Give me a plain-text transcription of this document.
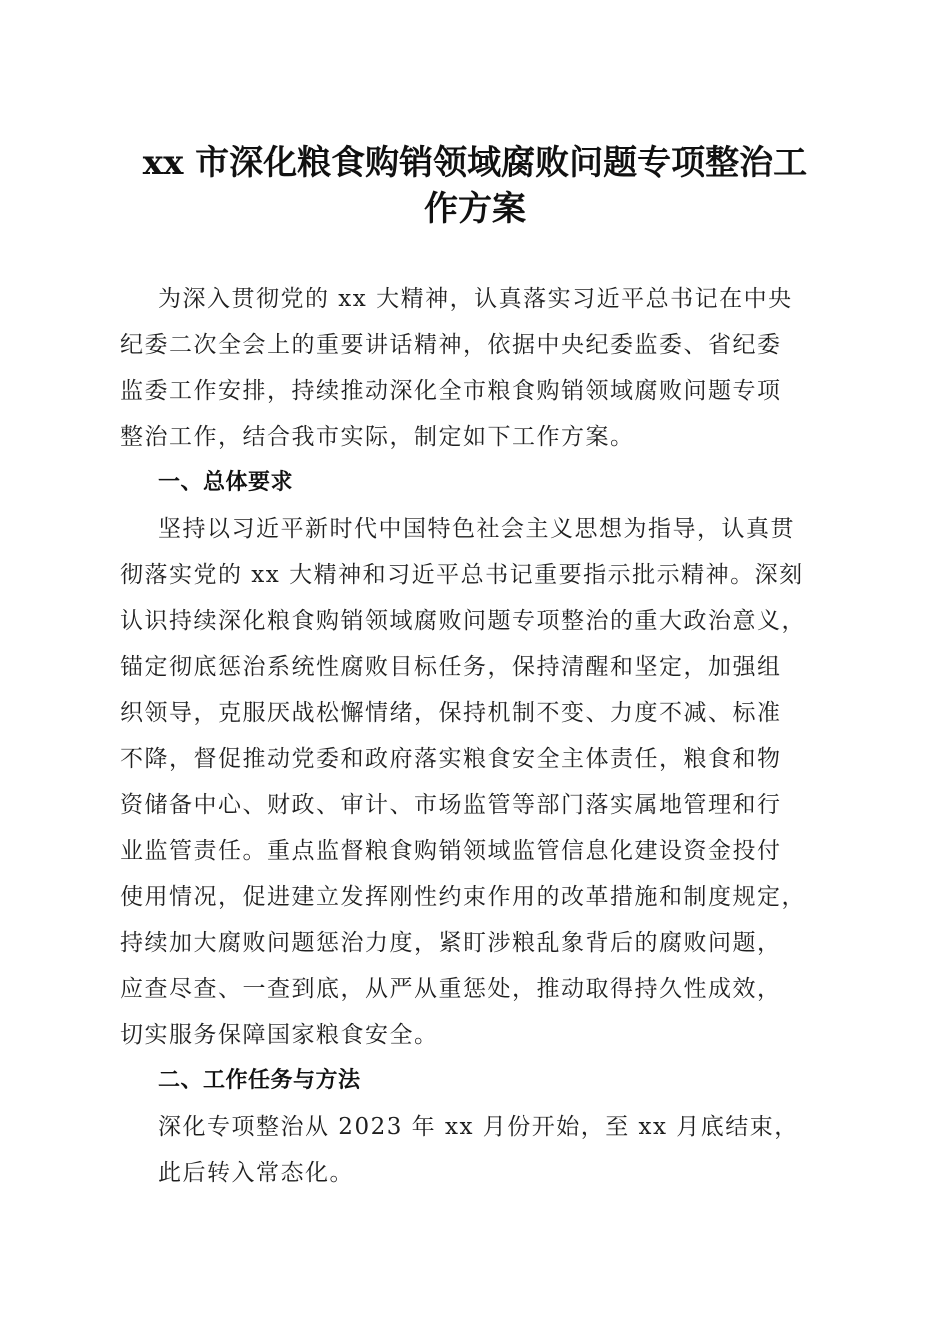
xx 市深化粮食购销领域腐败问题专项整治工
作方案
为深入贯彻党的 xx 大精神，认真落实习近平总书记在中央
纪委二次全会上的重要讲话精神，依据中央纪委监委、省纪委
监委工作安排，持续推动深化全市粮食购销领域腐败问题专项
整治工作，结合我市实际，制定如下工作方案。
一、总体要求
坚持以习近平新时代中国特色社会主义思想为指导，认真贯
彻落实党的 xx 大精神和习近平总书记重要指示批示精神。深刻
认识持续深化粮食购销领域腐败问题专项整治的重大政治意义，
锚定彻底惩治系统性腐败目标任务，保持清醒和坚定，加强组
织领导，克服厌战松懈情绪，保持机制不变、力度不减、标准
不降，督促推动党委和政府落实粮食安全主体责任，粮食和物
资储备中心、财政、审计、市场监管等部门落实属地管理和行
业监管责任。重点监督粮食购销领域监管信息化建设资金投付
使用情况，促进建立发挥刚性约束作用的改革措施和制度规定，
持续加大腐败问题惩治力度，紧盯涉粮乱象背后的腐败问题，
应查尽查、一查到底，从严从重惩处，推动取得持久性成效，
切实服务保障国家粮食安全。
二、工作任务与方法
深化专项整治从 2023 年 xx 月份开始，至 xx 月底结束，
此后转入常态化。
